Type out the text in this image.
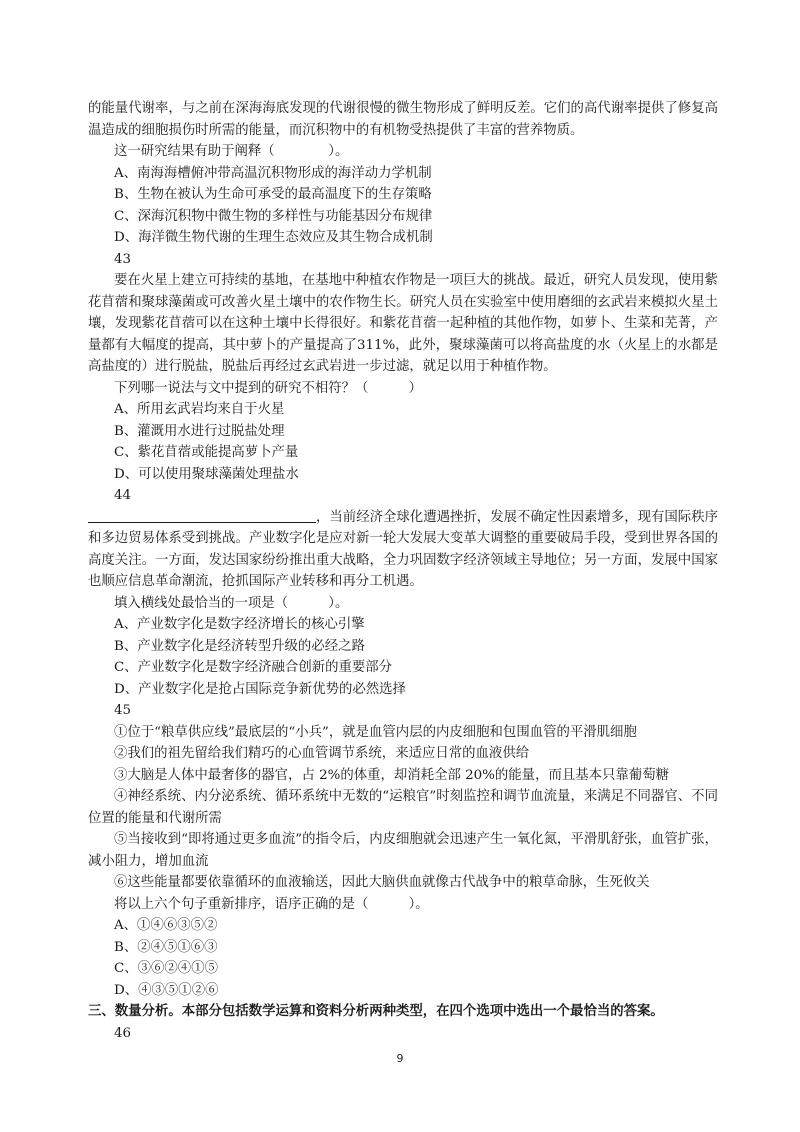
的能量代谢率，与之前在深海海底发现的代谢很慢的微生物形成了鲜明反差。它们的高代谢率提供了修复高温造成的细胞损伤时所需的能量，而沉积物中的有机物受热提供了丰富的营养物质。

这一研究结果有助于阐释（　　　　）。

A、南海海槽俯冲带高温沉积物形成的海洋动力学机制

B、生物在被认为生命可承受的最高温度下的生存策略

C、深海沉积物中微生物的多样性与功能基因分布规律

D、海洋微生物代谢的生理生态效应及其生物合成机制

43

要在火星上建立可持续的基地，在基地中种植农作物是一项巨大的挑战。最近，研究人员发现，使用紫花苜蓿和聚球藻菌或可改善火星土壤中的农作物生长。研究人员在实验室中使用磨细的玄武岩来模拟火星土壤，发现紫花苜蓿可以在这种土壤中长得很好。和紫花苜蓿一起种植的其他作物，如萝卜、生菜和芜菁，产量都有大幅度的提高，其中萝卜的产量提高了311%，此外，聚球藻菌可以将高盐度的水（火星上的水都是高盐度的）进行脱盐，脱盐后再经过玄武岩进一步过滤，就足以用于种植作物。

下列哪一说法与文中提到的研究不相符？（　　　）

A、所用玄武岩均来自于火星

B、灌溉用水进行过脱盐处理

C、紫花苜蓿或能提高萝卜产量

D、可以使用聚球藻菌处理盐水

44

，当前经济全球化遭遇挫折，发展不确定性因素增多，现有国际秩序和多边贸易体系受到挑战。产业数字化是应对新一轮大发展大变革大调整的重要破局手段，受到世界各国的高度关注。一方面，发达国家纷纷推出重大战略，全力巩固数字经济领域主导地位；另一方面，发展中国家也顺应信息革命潮流，抢抓国际产业转移和再分工机遇。

填入横线处最恰当的一项是（　　　）。

A、产业数字化是数字经济增长的核心引擎

B、产业数字化是经济转型升级的必经之路

C、产业数字化是数字经济融合创新的重要部分

D、产业数字化是抢占国际竞争新优势的必然选择

45

①位于“粮草供应线”最底层的“小兵”，就是血管内层的内皮细胞和包围血管的平滑肌细胞

②我们的祖先留给我们精巧的心血管调节系统，来适应日常的血液供给

③大脑是人体中最奢侈的器官，占 2%的体重，却消耗全部 20%的能量，而且基本只靠葡萄糖

④神经系统、内分泌系统、循环系统中无数的“运粮官”时刻监控和调节血流量，来满足不同器官、不同位置的能量和代谢所需

⑤当接收到“即将通过更多血流”的指令后，内皮细胞就会迅速产生一氧化氮，平滑肌舒张，血管扩张，减小阻力，增加血流

⑥这些能量都要依靠循环的血液输送，因此大脑供血就像古代战争中的粮草命脉，生死攸关

将以上六个句子重新排序，语序正确的是（　　　）。

A、①④⑥③⑤②

B、②④⑤①⑥③

C、③⑥②④①⑤

D、④③⑤①②⑥

三、数量分析。本部分包括数学运算和资料分析两种类型，在四个选项中选出一个最恰当的答案。

46

9
